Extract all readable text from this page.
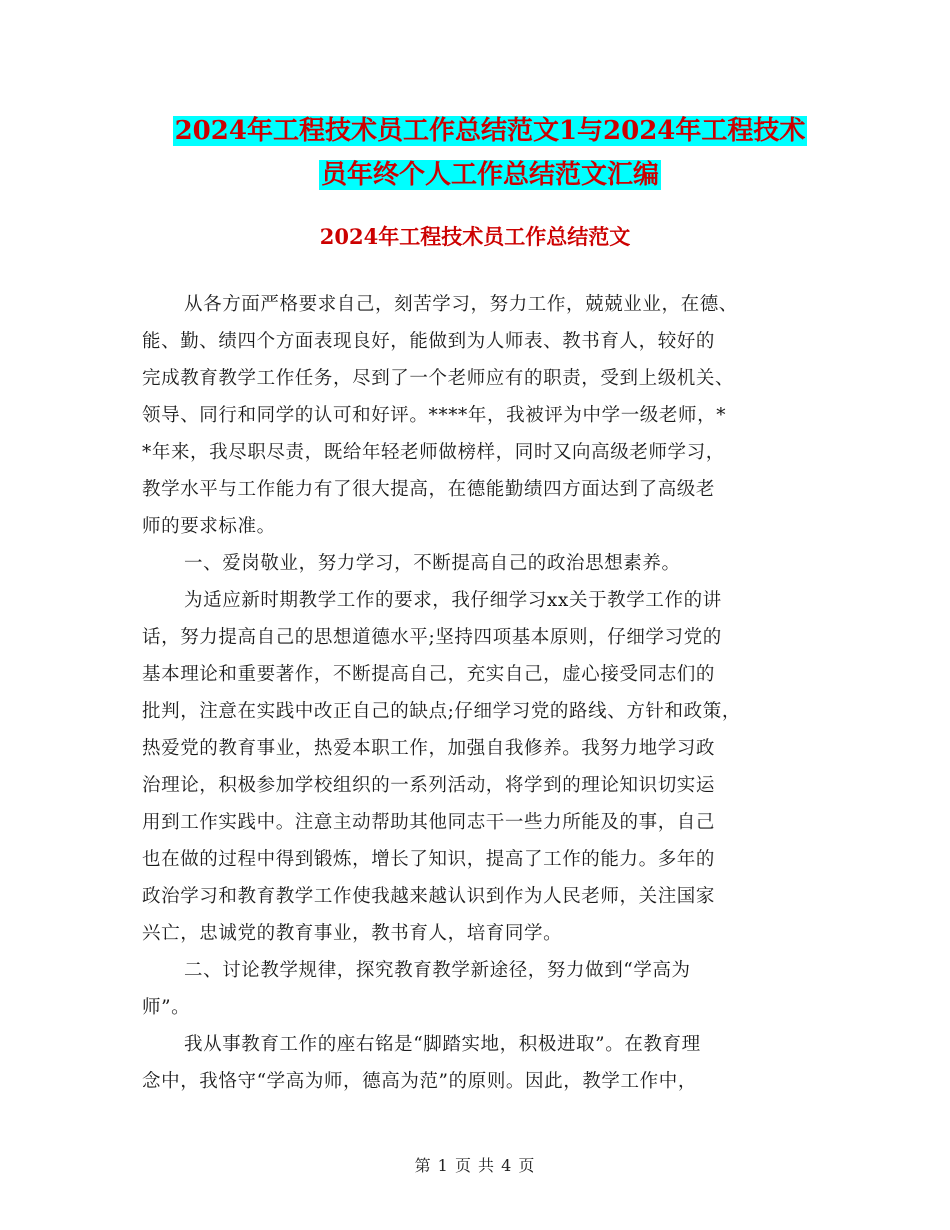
2024年工程技术员工作总结范文1与2024年工程技术
员年终个人工作总结范文汇编
2024年工程技术员工作总结范文
从各方面严格要求自己，刻苦学习，努力工作，兢兢业业，在德、
能、勤、绩四个方面表现良好，能做到为人师表、教书育人，较好的
完成教育教学工作任务，尽到了一个老师应有的职责，受到上级机关、
领导、同行和同学的认可和好评。****年，我被评为中学一级老师，*
*年来，我尽职尽责，既给年轻老师做榜样，同时又向高级老师学习，
教学水平与工作能力有了很大提高，在德能勤绩四方面达到了高级老
师的要求标准。
一、爱岗敬业，努力学习，不断提高自己的政治思想素养。
为适应新时期教学工作的要求，我仔细学习xx关于教学工作的讲
话，努力提高自己的思想道德水平;坚持四项基本原则，仔细学习党的
基本理论和重要著作，不断提高自己，充实自己，虚心接受同志们的
批判，注意在实践中改正自己的缺点;仔细学习党的路线、方针和政策，
热爱党的教育事业，热爱本职工作，加强自我修养。我努力地学习政
治理论，积极参加学校组织的一系列活动，将学到的理论知识切实运
用到工作实践中。注意主动帮助其他同志干一些力所能及的事，自己
也在做的过程中得到锻炼，增长了知识，提高了工作的能力。多年的
政治学习和教育教学工作使我越来越认识到作为人民老师，关注国家
兴亡，忠诚党的教育事业，教书育人，培育同学。
二、讨论教学规律，探究教育教学新途径，努力做到“学高为
师”。
我从事教育工作的座右铭是“脚踏实地，积极进取”。在教育理
念中，我恪守“学高为师，德高为范”的原则。因此，教学工作中，
第 1 页 共 4 页
